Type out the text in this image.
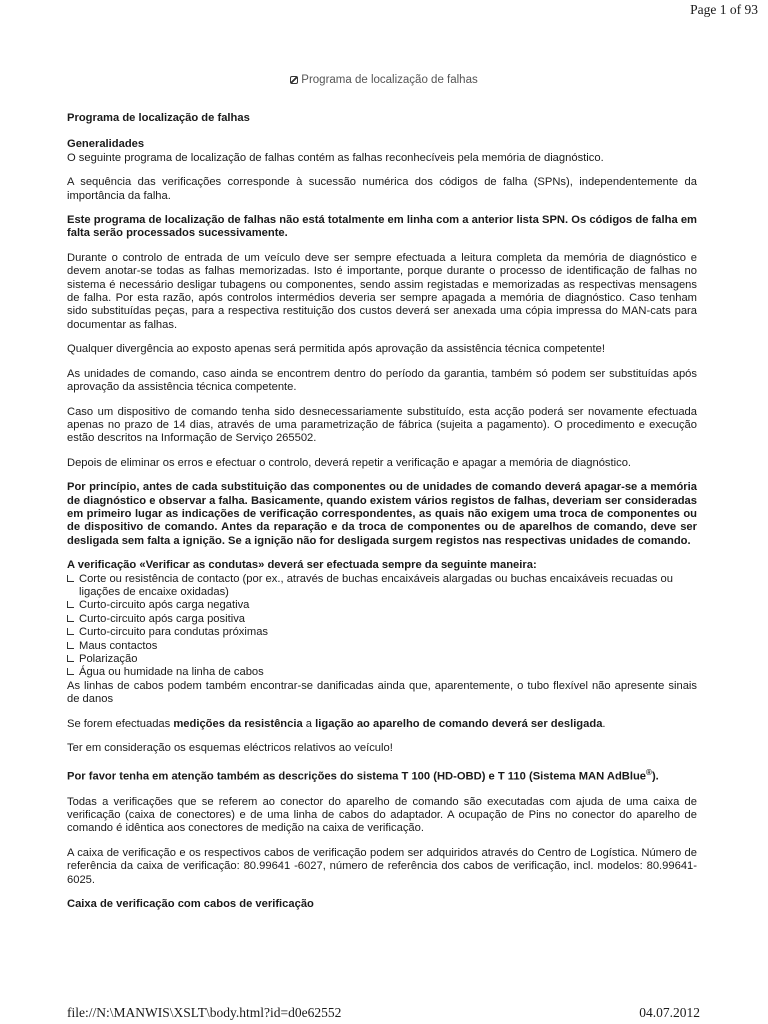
Page 1 of 93
Programa de localização de falhas

Programa de localização de falhas

Generalidades

O seguinte programa de localização de falhas contém as falhas reconhecíveis pela memória de diagnóstico.

A sequência das verificações corresponde à sucessão numérica dos códigos de falha (SPNs), independentemente da importância da falha.

Este programa de localização de falhas não está totalmente em linha com a anterior lista SPN. Os códigos de falha em falta serão processados sucessivamente.

Durante o controlo de entrada de um veículo deve ser sempre efectuada a leitura completa da memória de diagnóstico e devem anotar-se todas as falhas memorizadas. Isto é importante, porque durante o processo de identificação de falhas no sistema é necessário desligar tubagens ou componentes, sendo assim registadas e memorizadas as respectivas mensagens de falha. Por esta razão, após controlos intermédios deveria ser sempre apagada a memória de diagnóstico. Caso tenham sido substituídas peças, para a respectiva restituição dos custos deverá ser anexada uma cópia impressa do MAN-cats para documentar as falhas.

Qualquer divergência ao exposto apenas será permitida após aprovação da assistência técnica competente!

As unidades de comando, caso ainda se encontrem dentro do período da garantia, também só podem ser substituídas após aprovação da assistência técnica competente.

Caso um dispositivo de comando tenha sido desnecessariamente substituído, esta acção poderá ser novamente efectuada apenas no prazo de 14 dias, através de uma parametrização de fábrica (sujeita a pagamento). O procedimento e execução estão descritos na Informação de Serviço 265502.

Depois de eliminar os erros e efectuar o controlo, deverá repetir a verificação e apagar a memória de diagnóstico.

Por princípio, antes de cada substituição das componentes ou de unidades de comando deverá apagar-se a memória de diagnóstico e observar a falha. Basicamente, quando existem vários registos de falhas, deveriam ser consideradas em primeiro lugar as indicações de verificação correspondentes, as quais não exigem uma troca de componentes ou de dispositivo de comando. Antes da reparação e da troca de componentes ou de aparelhos de comando, deve ser desligada sem falta a ignição. Se a ignição não for desligada surgem registos nas respectivas unidades de comando.

A verificação «Verificar as condutas» deverá ser efectuada sempre da seguinte maneira:

Corte ou resistência de contacto (por ex., através de buchas encaixáveis alargadas ou buchas encaixáveis recuadas ou ligações de encaixe oxidadas)
Curto-circuito após carga negativa
Curto-circuito após carga positiva
Curto-circuito para condutas próximas
Maus contactos
Polarização
Água ou humidade na linha de cabos

As linhas de cabos podem também encontrar-se danificadas ainda que, aparentemente, o tubo flexível não apresente sinais de danos

Se forem efectuadas medições da resistência a ligação ao aparelho de comando deverá ser desligada.

Ter em consideração os esquemas eléctricos relativos ao veículo!

Por favor tenha em atenção também as descrições do sistema T 100 (HD-OBD) e T 110 (Sistema MAN AdBlue®).

Todas a verificações que se referem ao conector do aparelho de comando são executadas com ajuda de uma caixa de verificação (caixa de conectores) e de uma linha de cabos do adaptador. A ocupação de Pins no conector do aparelho de comando é idêntica aos conectores de medição na caixa de verificação.

A caixa de verificação e os respectivos cabos de verificação podem ser adquiridos através do Centro de Logística. Número de referência da caixa de verificação: 80.99641 -6027, número de referência dos cabos de verificação, incl. modelos: 80.99641-6025.

Caixa de verificação com cabos de verificação

file://N:\MANWIS\XSLT\body.html?id=d0e62552	04.07.2012
